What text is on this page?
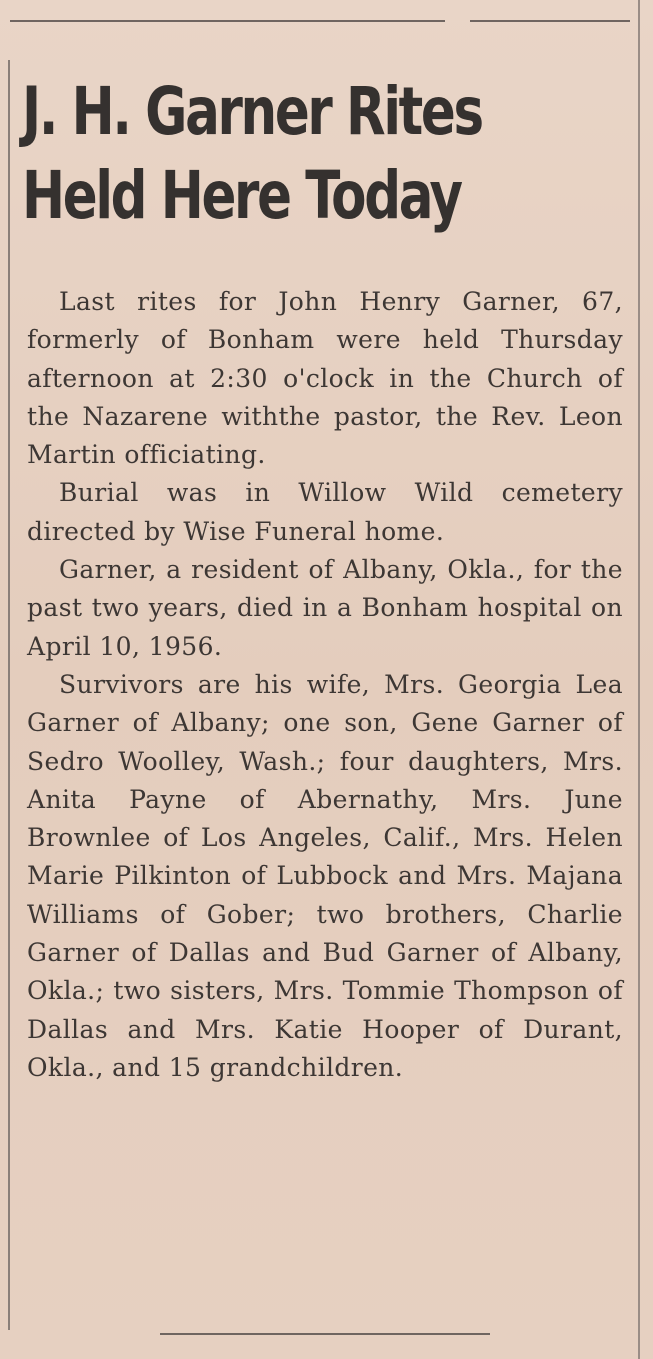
J. H. Garner Rites
Held Here Today

Last rites for John Henry Garner, 67, formerly of Bonham were held Thursday afternoon at 2:30 o'clock in the Church of the Nazarene withthe pastor, the Rev. Leon Martin officiating.

Burial was in Willow Wild cemetery directed by Wise Funeral home.

Garner, a resident of Albany, Okla., for the past two years, died in a Bonham hospital on April 10, 1956.

Survivors are his wife, Mrs. Georgia Lea Garner of Albany; one son, Gene Garner of Sedro Woolley, Wash.; four daughters, Mrs. Anita Payne of Abernathy, Mrs. June Brownlee of Los Angeles, Calif., Mrs. Helen Marie Pilkinton of Lubbock and Mrs. Majana Williams of Gober; two brothers, Charlie Garner of Dallas and Bud Garner of Albany, Okla.; two sisters, Mrs. Tommie Thompson of Dallas and Mrs. Katie Hooper of Durant, Okla., and 15 grandchildren.
